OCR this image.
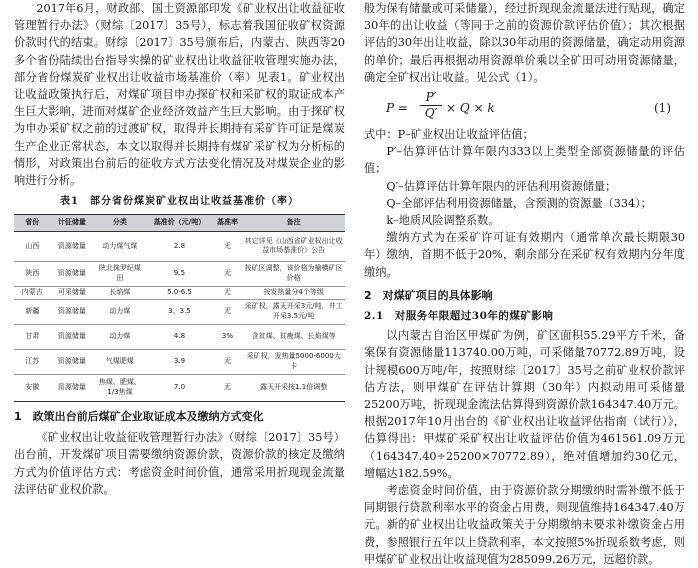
2017年6月，财政部、国土资源部印发《矿业权出让收益征收管理暂行办法》（财综〔2017〕35号），标志着我国征收矿权资源价款时代的结束。财综〔2017〕35号颁布后，内蒙古、陕西等20多个省份陆续出台指导实操的矿业权出让收益征收管理实施办法，部分省份煤炭矿业权出让收益市场基准价（率）见表1。矿业权出让收益政策执行后，对煤矿项目申办探矿权和采矿权的取证成本产生巨大影响，进而对煤矿企业经济效益产生巨大影响。由于探矿权为申办采矿权之前的过渡矿权，取得并长期持有采矿许可证是煤炭生产企业正常状态，本文以取得并长期持有煤矿采矿权为分析标的情形，对政策出台前后的征收方式方法变化情况及对煤炭企业的影响进行分析。

表1　部分省份煤炭矿业权出让收益基准价（率）
省份	计征储量	分类	基准价（元/吨）	基准率	备注
山西	资源储量	动力煤气煤	2.8	无	其它详见《山西省矿业权出让收益市场基准价》公告
陕西	资源储量	陕北侏罗纪煤田	9.5	无	按矿区调整，该价格为榆横矿区价格
内蒙古	可采储量	长焰煤	5.0-6.5	无	按发热量分4个等级
新疆	资源储量	动力煤	3、3.5	无	采矿权，露天开采3元/吨，井工开采3.5元/吨
甘肃	资源储量	动力煤	4.8	3%	含贫煤、贫瘦煤、长焰煤等
江苏	资源储量	气煤肥煤	3.9	无	采矿权，发热量5000-6000大卡
安徽	资源储量	焦煤、肥煤、1/3焦煤	7.0	无	露天开采按1.1倍调整
1　政策出台前后煤矿企业取证成本及缴纳方式变化

《矿业权出让收益征收管理暂行办法》（财综〔2017〕35号）出台前，开发煤矿项目需要缴纳资源价款，资源价款的核定及缴纳方式为价值评估方式：考虑资金时间价值，通常采用折现现金流量法评估矿业权价款。

般为保有储量或可采储量），经过折现现金流量法进行贴现，确定30年的出让收益（等同于之前的资源价款评估价值）；其次根据评估的30年出让收益，除以30年动用的资源储量，确定动用资源的单价；最后再根据动用资源单价乘以全矿田可动用资源储量，确定全矿权出让收益。见公式（1）。

$P = \frac{P'}{Q'} \times Q \times k$	(1)

式中：P–矿业权出让收益评估值；

P′–估算评估计算年限内333以上类型全部资源储量的评估值；

Q′–估算评估计算年限内的评估利用资源储量；

Q–全部评估利用资源储量，含预测的资源量（334）；

k–地质风险调整系数。

缴纳方式为在采矿许可证有效期内（通常单次最长期限30年）缴纳，首期不低于20%，剩余部分在采矿权有效期内分年度缴纳。

2　对煤矿项目的具体影响
2.1　对服务年限超过30年的煤矿影响

以内蒙古自治区甲煤矿为例，矿区面积55.29平方千米，备案保有资源储量113740.00万吨，可采储量70772.89万吨，设计规模600万吨/年，按照财综〔2017〕35号之前矿业权价款评估方法，则甲煤矿在评估计算期（30年）内拟动用可采储量25200万吨，折现现金流法估算得到资源价款164347.40万元。根据2017年10月出台的《矿业权出让收益评估指南（试行）》，估算得出：甲煤矿采矿权出让收益评估价值为461561.09万元（164347.40÷25200×70772.89），绝对值增加约30亿元，增幅达182.59%。

考虑资金时间价值，由于资源价款分期缴纳时需补缴不低于同期银行贷款利率水平的资金占用费，则现值维持164347.40万元。新的矿业权出让收益政策关于分期缴纳未要求补缴资金占用费，参照银行五年以上贷款利率，本文按照5%折现系数考虑，则甲煤矿矿业权出让收益现值为285099.26万元，远超价款。
